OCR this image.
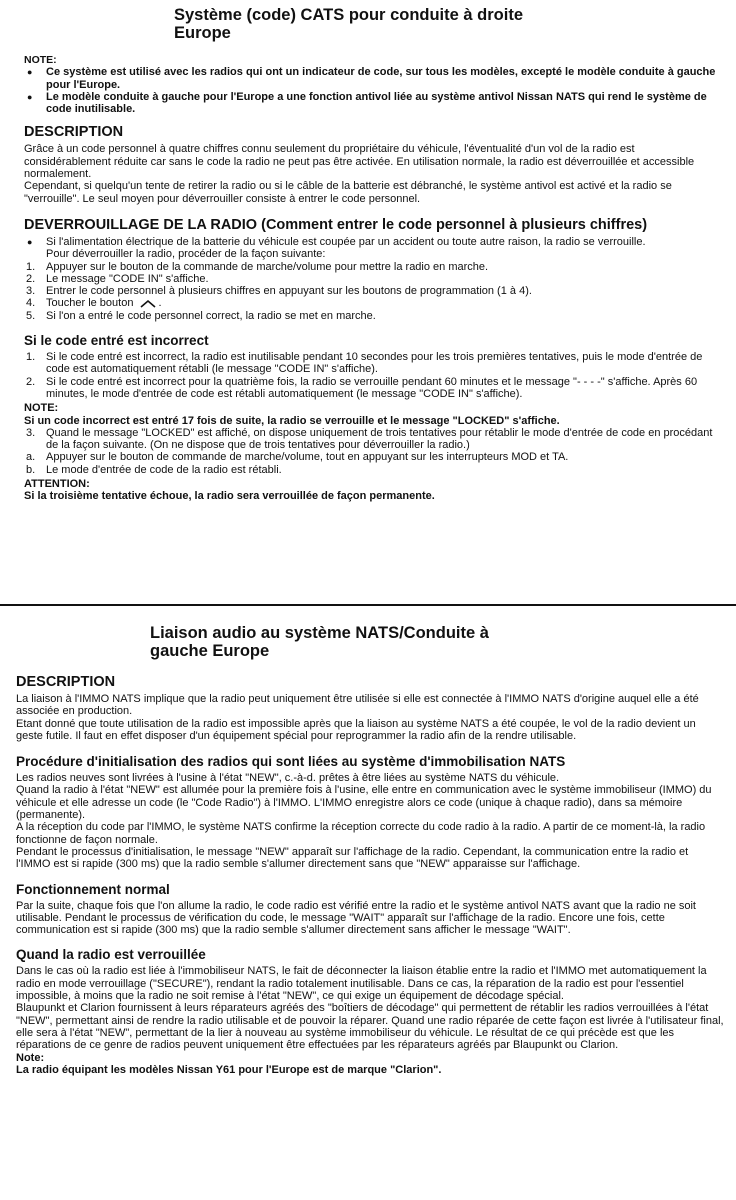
Système (code) CATS pour conduite à droite
Europe
NOTE:
● Ce système est utilisé avec les radios qui ont un indicateur de code, sur tous les modèles, excepté le modèle conduite à gauche pour l'Europe.
● Le modèle conduite à gauche pour l'Europe a une fonction antivol liée au système antivol Nissan NATS qui rend le système de code inutilisable.
DESCRIPTION

Grâce à un code personnel à quatre chiffres connu seulement du propriétaire du véhicule, l'éventualité d'un vol de la radio est considérablement réduite car sans le code la radio ne peut pas être activée. En utilisation normale, la radio est déverrouillée et accessible normalement.

Cependant, si quelqu'un tente de retirer la radio ou si le câble de la batterie est débranché, le système antivol est activé et la radio se "verrouille". Le seul moyen pour déverrouiller consiste à entrer le code personnel.

DEVERROUILLAGE DE LA RADIO (Comment entrer le code personnel à plusieurs chiffres)
● Si l'alimentation électrique de la batterie du véhicule est coupée par un accident ou toute autre raison, la radio se verrouille.

Pour déverrouiller la radio, procéder de la façon suivante:

1. Appuyer sur le bouton de la commande de marche/volume pour mettre la radio en marche.
2. Le message "CODE IN" s'affiche.
3. Entrer le code personnel à plusieurs chiffres en appuyant sur les boutons de programmation (1 à 4).
4. Toucher le bouton .
5. Si l'on a entré le code personnel correct, la radio se met en marche.
Si le code entré est incorrect
1. Si le code entré est incorrect, la radio est inutilisable pendant 10 secondes pour les trois premières tentatives, puis le mode d'entrée de code est automatiquement rétabli (le message "CODE IN" s'affiche).
2. Si le code entré est incorrect pour la quatrième fois, la radio se verrouille pendant 60 minutes et le message "- - - -" s'affiche. Après 60 minutes, le mode d'entrée de code est rétabli automatiquement (le message "CODE IN" s'affiche).
NOTE:
Si un code incorrect est entré 17 fois de suite, la radio se verrouille et le message "LOCKED" s'affiche.
3. Quand le message "LOCKED" est affiché, on dispose uniquement de trois tentatives pour rétablir le mode d'entrée de code en procédant de la façon suivante. (On ne dispose que de trois tentatives pour déverrouiller la radio.)
a. Appuyer sur le bouton de commande de marche/volume, tout en appuyant sur les interrupteurs MOD et TA.
b. Le mode d'entrée de code de la radio est rétabli.
ATTENTION:
Si la troisième tentative échoue, la radio sera verrouillée de façon permanente.
Liaison audio au système NATS/Conduite à
gauche Europe
DESCRIPTION

La liaison à l'IMMO NATS implique que la radio peut uniquement être utilisée si elle est connectée à l'IMMO NATS d'origine auquel elle a été associée en production.

Etant donné que toute utilisation de la radio est impossible après que la liaison au système NATS a été coupée, le vol de la radio devient un geste futile. Il faut en effet disposer d'un équipement spécial pour reprogrammer la radio afin de la rendre utilisable.

Procédure d'initialisation des radios qui sont liées au système d'immobilisation NATS

Les radios neuves sont livrées à l'usine à l'état "NEW", c.-à-d. prêtes à être liées au système NATS du véhicule.

Quand la radio à l'état "NEW" est allumée pour la première fois à l'usine, elle entre en communication avec le système immobiliseur (IMMO) du véhicule et elle adresse un code (le "Code Radio") à l'IMMO. L'IMMO enregistre alors ce code (unique à chaque radio), dans sa mémoire (permanente).

A la réception du code par l'IMMO, le système NATS confirme la réception correcte du code radio à la radio. A partir de ce moment-là, la radio fonctionne de façon normale.

Pendant le processus d'initialisation, le message "NEW" apparaît sur l'affichage de la radio. Cependant, la communication entre la radio et l'IMMO est si rapide (300 ms) que la radio semble s'allumer directement sans que "NEW" apparaisse sur l'affichage.

Fonctionnement normal

Par la suite, chaque fois que l'on allume la radio, le code radio est vérifié entre la radio et le système antivol NATS avant que la radio ne soit utilisable. Pendant le processus de vérification du code, le message "WAIT" apparaît sur l'affichage de la radio. Encore une fois, cette communication est si rapide (300 ms) que la radio semble s'allumer directement sans afficher le message "WAIT".

Quand la radio est verrouillée

Dans le cas où la radio est liée à l'immobiliseur NATS, le fait de déconnecter la liaison établie entre la radio et l'IMMO met automatiquement la radio en mode verrouillage ("SECURE"), rendant la radio totalement inutilisable. Dans ce cas, la réparation de la radio est pour l'essentiel impossible, à moins que la radio ne soit remise à l'état "NEW", ce qui exige un équipement de décodage spécial.

Blaupunkt et Clarion fournissent à leurs réparateurs agréés des "boîtiers de décodage" qui permettent de rétablir les radios verrouillées à l'état "NEW", permettant ainsi de rendre la radio utilisable et de pouvoir la réparer. Quand une radio réparée de cette façon est livrée à l'utilisateur final, elle sera à l'état "NEW", permettant de la lier à nouveau au système immobiliseur du véhicule. Le résultat de ce qui précède est que les réparations de ce genre de radios peuvent uniquement être effectuées par les réparateurs agréés par Blaupunkt ou Clarion.

Note:
La radio équipant les modèles Nissan Y61 pour l'Europe est de marque "Clarion".
